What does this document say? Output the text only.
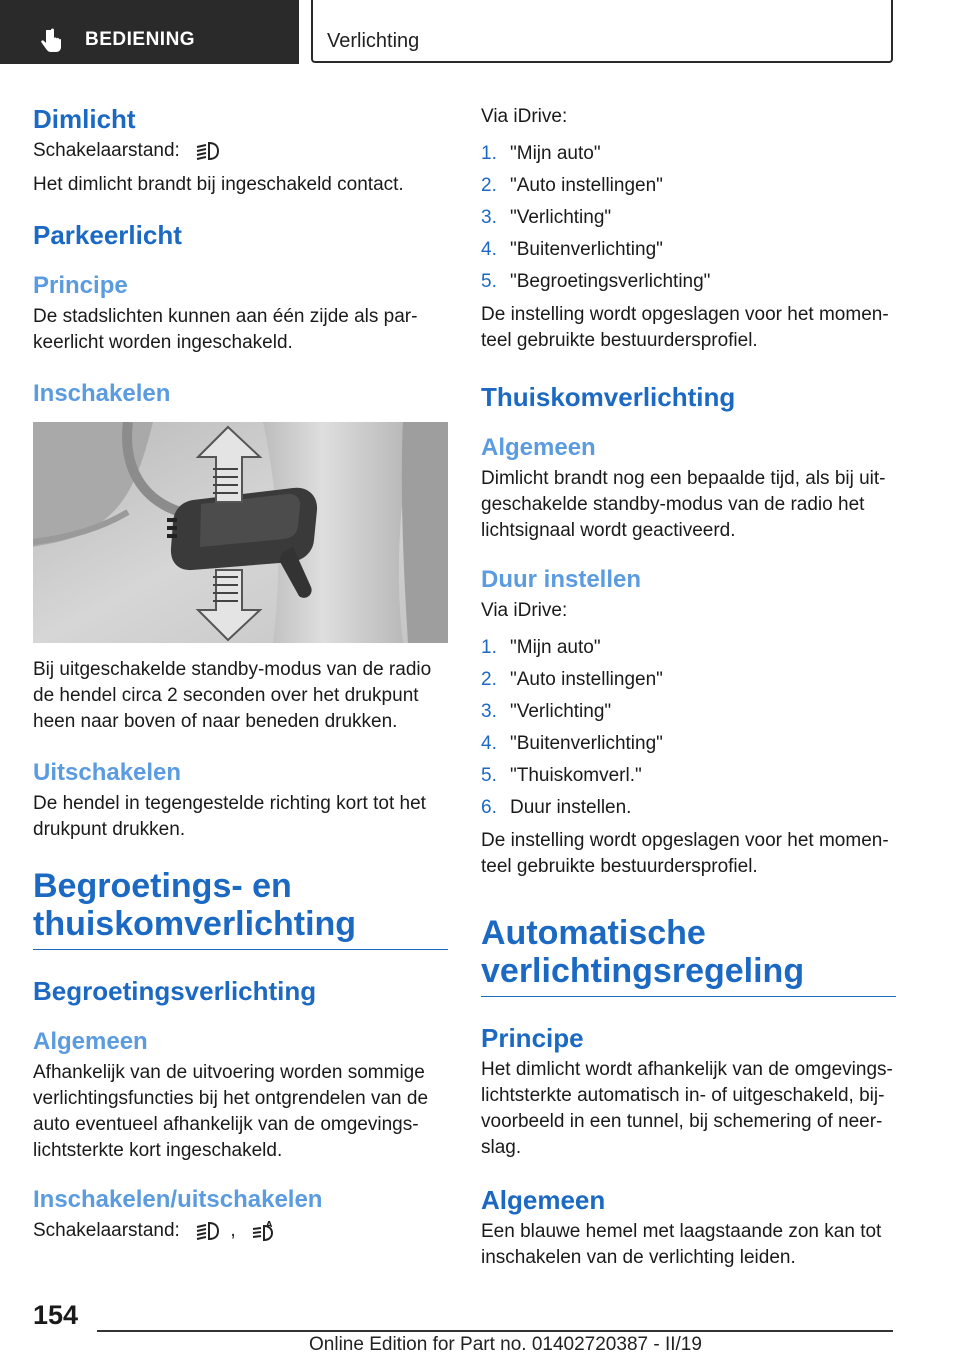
BEDIENING	Verlichting
Dimlicht

Schakelaarstand:

Het dimlicht brandt bij ingeschakeld contact.

Parkeerlicht
Principe

De stadslichten kunnen aan één zijde als par-keerlicht worden ingeschakeld.

Inschakelen

Bij uitgeschakelde standby-modus van de radio de hendel circa 2 seconden over het drukpunt heen naar boven of naar beneden drukken.

Uitschakelen

De hendel in tegengestelde richting kort tot het drukpunt drukken.

Begroetings- en
thuiskomverlichting
Begroetingsverlichting
Algemeen

Afhankelijk van de uitvoering worden sommige verlichtingsfuncties bij het ontgrendelen van de auto eventueel afhankelijk van de omgevings-lichtsterkte kort ingeschakeld.

Inschakelen/uitschakelen

Schakelaarstand:	,	A

Via iDrive:

1. "Mijn auto"
2. "Auto instellingen"
3. "Verlichting"
4. "Buitenverlichting"
5. "Begroetingsverlichting"

De instelling wordt opgeslagen voor het momen-teel gebruikte bestuurdersprofiel.

Thuiskomverlichting
Algemeen

Dimlicht brandt nog een bepaalde tijd, als bij uit-geschakelde standby-modus van de radio het lichtsignaal wordt geactiveerd.

Duur instellen

Via iDrive:

1. "Mijn auto"
2. "Auto instellingen"
3. "Verlichting"
4. "Buitenverlichting"
5. "Thuiskomverl."
6. Duur instellen.

De instelling wordt opgeslagen voor het momen-teel gebruikte bestuurdersprofiel.

Automatische
verlichtingsregeling
Principe

Het dimlicht wordt afhankelijk van de omgevings-lichtsterkte automatisch in- of uitgeschakeld, bij-voorbeeld in een tunnel, bij schemering of neer-slag.

Algemeen

Een blauwe hemel met laagstaande zon kan tot inschakelen van de verlichting leiden.

154
Online Edition for Part no. 01402720387 - II/19
